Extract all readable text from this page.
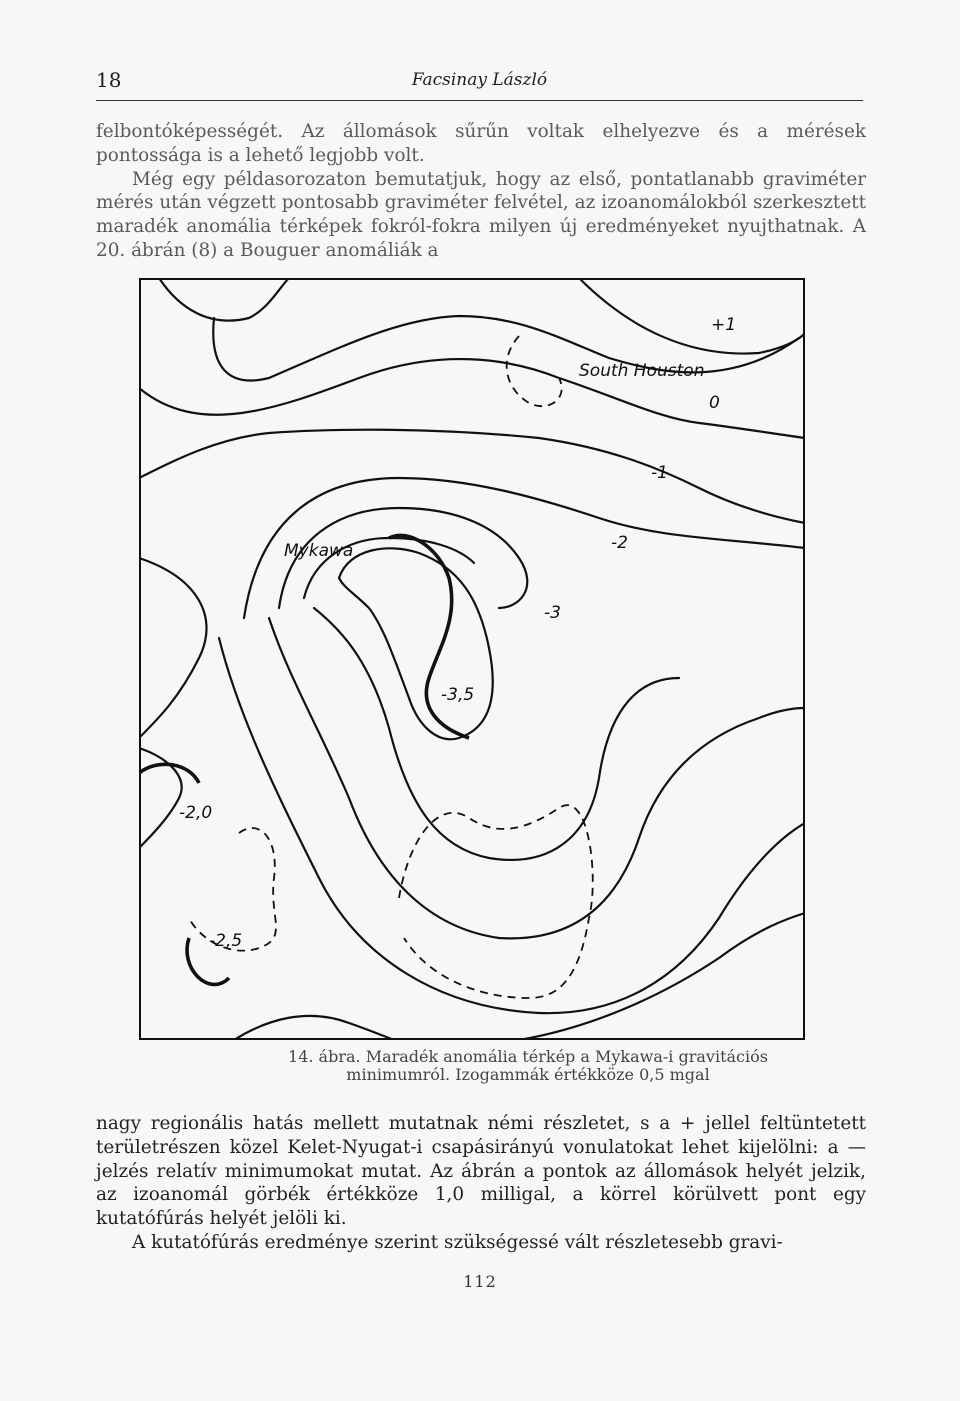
18	Facsinay László

felbontóképességét. Az állomások sűrűn voltak elhelyezve és a mérések pontossága is a lehető legjobb volt.
Még egy példasorozaton bemutatjuk, hogy az első, pontatlanabb graviméter mérés után végzett pontosabb graviméter felvétel, az izoanomálokból szerkesztett maradék anomália térképek fokról-fokra milyen új eredményeket nyujthatnak. A 20. ábrán (8) a Bouguer anomáliák a

South Houston
Mykawa
+1
0
-1
-2
-3
-3,5
-2,0
-2,5
14. ábra. Maradék anomália térkép a Mykawa-i gravitációs
minimumról. Izogammák értékköze 0,5 mgal

nagy regionális hatás mellett mutatnak némi részletet, s a + jellel feltüntetett területrészen közel Kelet-Nyugat-i csapásirányú vonulatokat lehet kijelölni: a — jelzés relatív minimumokat mutat. Az ábrán a pontok az állomások helyét jelzik, az izoanomál görbék értékköze 1,0 milligal, a körrel körülvett pont egy kutatófúrás helyét jelöli ki.
A kutatófúrás eredménye szerint szükségessé vált részletesebb gravi-

112
